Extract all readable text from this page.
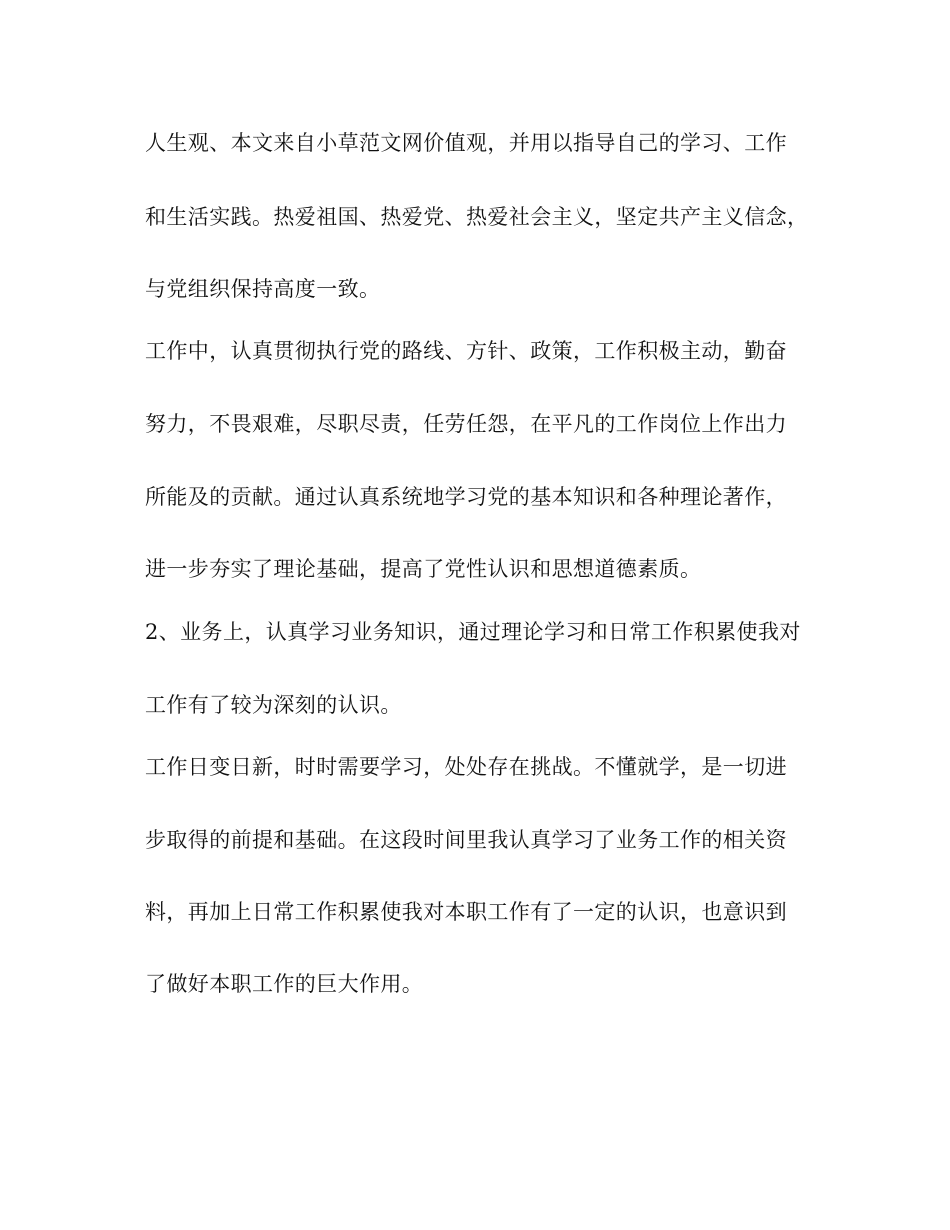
人生观、本文来自小草范文网价值观，并用以指导自己的学习、工作
和生活实践。热爱祖国、热爱党、热爱社会主义，坚定共产主义信念，
与党组织保持高度一致。
工作中，认真贯彻执行党的路线、方针、政策，工作积极主动，勤奋
努力，不畏艰难，尽职尽责，任劳任怨，在平凡的工作岗位上作出力
所能及的贡献。通过认真系统地学习党的基本知识和各种理论著作，
进一步夯实了理论基础，提高了党性认识和思想道德素质。
2、业务上，认真学习业务知识，通过理论学习和日常工作积累使我对
工作有了较为深刻的认识。
工作日变日新，时时需要学习，处处存在挑战。不懂就学，是一切进
步取得的前提和基础。在这段时间里我认真学习了业务工作的相关资
料，再加上日常工作积累使我对本职工作有了一定的认识，也意识到
了做好本职工作的巨大作用。
